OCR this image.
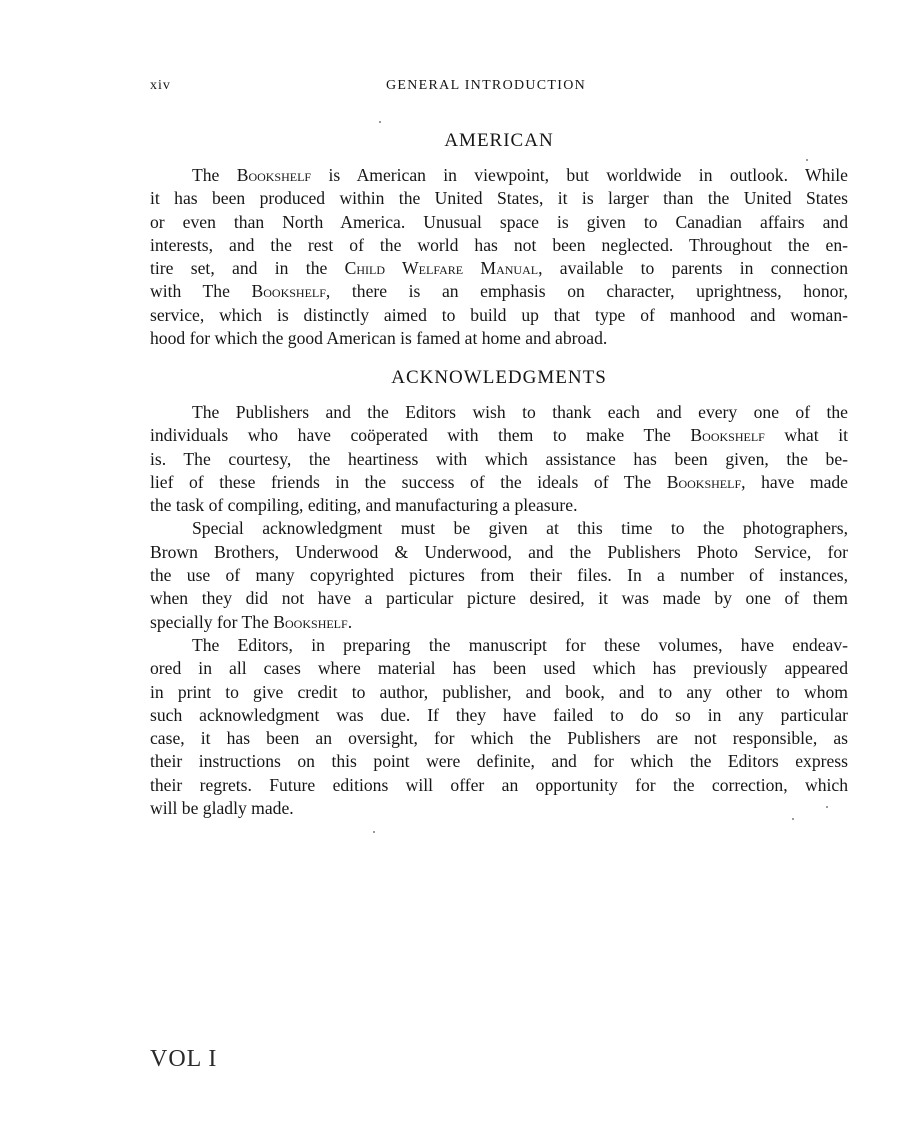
xiv	GENERAL INTRODUCTION
AMERICAN
The Bookshelf is American in viewpoint, but worldwide in outlook. While
it has been produced within the United States, it is larger than the United States
or even than North America. Unusual space is given to Canadian affairs and
interests, and the rest of the world has not been neglected. Throughout the en-
tire set, and in the Child Welfare Manual, available to parents in connection
with The Bookshelf, there is an emphasis on character, uprightness, honor,
service, which is distinctly aimed to build up that type of manhood and woman-
hood for which the good American is famed at home and abroad.
ACKNOWLEDGMENTS
The Publishers and the Editors wish to thank each and every one of the
individuals who have coöperated with them to make The Bookshelf what it
is. The courtesy, the heartiness with which assistance has been given, the be-
lief of these friends in the success of the ideals of The Bookshelf, have made
the task of compiling, editing, and manufacturing a pleasure.
Special acknowledgment must be given at this time to the photographers,
Brown Brothers, Underwood & Underwood, and the Publishers Photo Service, for
the use of many copyrighted pictures from their files. In a number of instances,
when they did not have a particular picture desired, it was made by one of them
specially for The Bookshelf.
The Editors, in preparing the manuscript for these volumes, have endeav-
ored in all cases where material has been used which has previously appeared
in print to give credit to author, publisher, and book, and to any other to whom
such acknowledgment was due. If they have failed to do so in any particular
case, it has been an oversight, for which the Publishers are not responsible, as
their instructions on this point were definite, and for which the Editors express
their regrets. Future editions will offer an opportunity for the correction, which
will be gladly made.
VOL I
